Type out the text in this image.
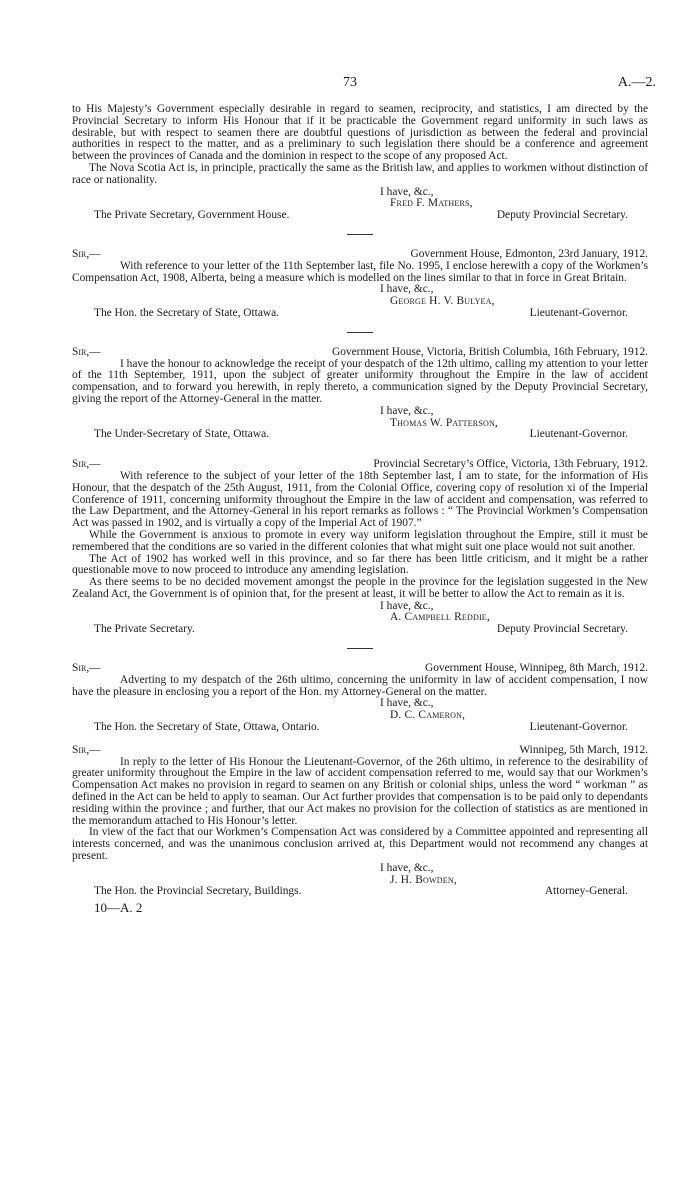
73	A.—2.

to His Majesty’s Government especially desirable in regard to seamen, reciprocity, and statistics, I am directed by the Provincial Secretary to inform His Honour that if it be practicable the Government regard uniformity in such laws as desirable, but with respect to seamen there are doubtful questions of jurisdiction as between the federal and provincial authorities in respect to the matter, and as a preliminary to such legislation there should be a conference and agreement between the provinces of Canada and the dominion in respect to the scope of any proposed Act.

The Nova Scotia Act is, in principle, practically the same as the British law, and applies to workmen without distinction of race or nationality.

I have, &c.,

Fred F. Mathers,

The Private Secretary, Government House.	Deputy Provincial Secretary.
Sir,—	Government House, Edmonton, 23rd January, 1912.

With reference to your letter of the 11th September last, file No. 1995, I enclose herewith a copy of the Workmen’s Compensation Act, 1908, Alberta, being a measure which is modelled on the lines similar to that in force in Great Britain.

I have, &c.,

George H. V. Bulyea,

The Hon. the Secretary of State, Ottawa.	Lieutenant-Governor.
Sir,—	Government House, Victoria, British Columbia, 16th February, 1912.

I have the honour to acknowledge the receipt of your despatch of the 12th ultimo, calling my attention to your letter of the 11th September, 1911, upon the subject of greater uniformity throughout the Empire in the law of accident compensation, and to forward you herewith, in reply thereto, a communication signed by the Deputy Provincial Secretary, giving the report of the Attorney-General in the matter.

I have, &c.,

Thomas W. Patterson,

The Under-Secretary of State, Ottawa.	Lieutenant-Governor.
Sir,—	Provincial Secretary’s Office, Victoria, 13th February, 1912.

With reference to the subject of your letter of the 18th September last, I am to state, for the information of His Honour, that the despatch of the 25th August, 1911, from the Colonial Office, covering copy of resolution xi of the Imperial Conference of 1911, concerning uniformity throughout the Empire in the law of accident and compensation, was referred to the Law Department, and the Attorney-General in his report remarks as follows : “ The Provincial Workmen’s Compensation Act was passed in 1902, and is virtually a copy of the Imperial Act of 1907.”

While the Government is anxious to promote in every way uniform legislation throughout the Empire, still it must be remembered that the conditions are so varied in the different colonies that what might suit one place would not suit another.

The Act of 1902 has worked well in this province, and so far there has been little criticism, and it might be a rather questionable move to now proceed to introduce any amending legislation.

As there seems to be no decided movement amongst the people in the province for the legislation suggested in the New Zealand Act, the Government is of opinion that, for the present at least, it will be better to allow the Act to remain as it is.

I have, &c.,

A. Campbell Reddie,

The Private Secretary.	Deputy Provincial Secretary.
Sir,—	Government House, Winnipeg, 8th March, 1912.

Adverting to my despatch of the 26th ultimo, concerning the uniformity in law of accident compensation, I now have the pleasure in enclosing you a report of the Hon. my Attorney-General on the matter.

I have, &c.,

D. C. Cameron,

The Hon. the Secretary of State, Ottawa, Ontario.	Lieutenant-Governor.
Sir,—	Winnipeg, 5th March, 1912.

In reply to the letter of His Honour the Lieutenant-Governor, of the 26th ultimo, in reference to the desirability of greater uniformity throughout the Empire in the law of accident compensation referred to me, would say that our Workmen’s Compensation Act makes no provision in regard to seamen on any British or colonial ships, unless the word “ workman ” as defined in the Act can be held to apply to seaman. Our Act further provides that compensation is to be paid only to dependants residing within the province ; and further, that our Act makes no provision for the collection of statistics as are mentioned in the memorandum attached to His Honour’s letter.

In view of the fact that our Workmen’s Compensation Act was considered by a Committee appointed and representing all interests concerned, and was the unanimous conclusion arrived at, this Department would not recommend any changes at present.

I have, &c.,

J. H. Bowden,

The Hon. the Provincial Secretary, Buildings.	Attorney-General.
10—A. 2
